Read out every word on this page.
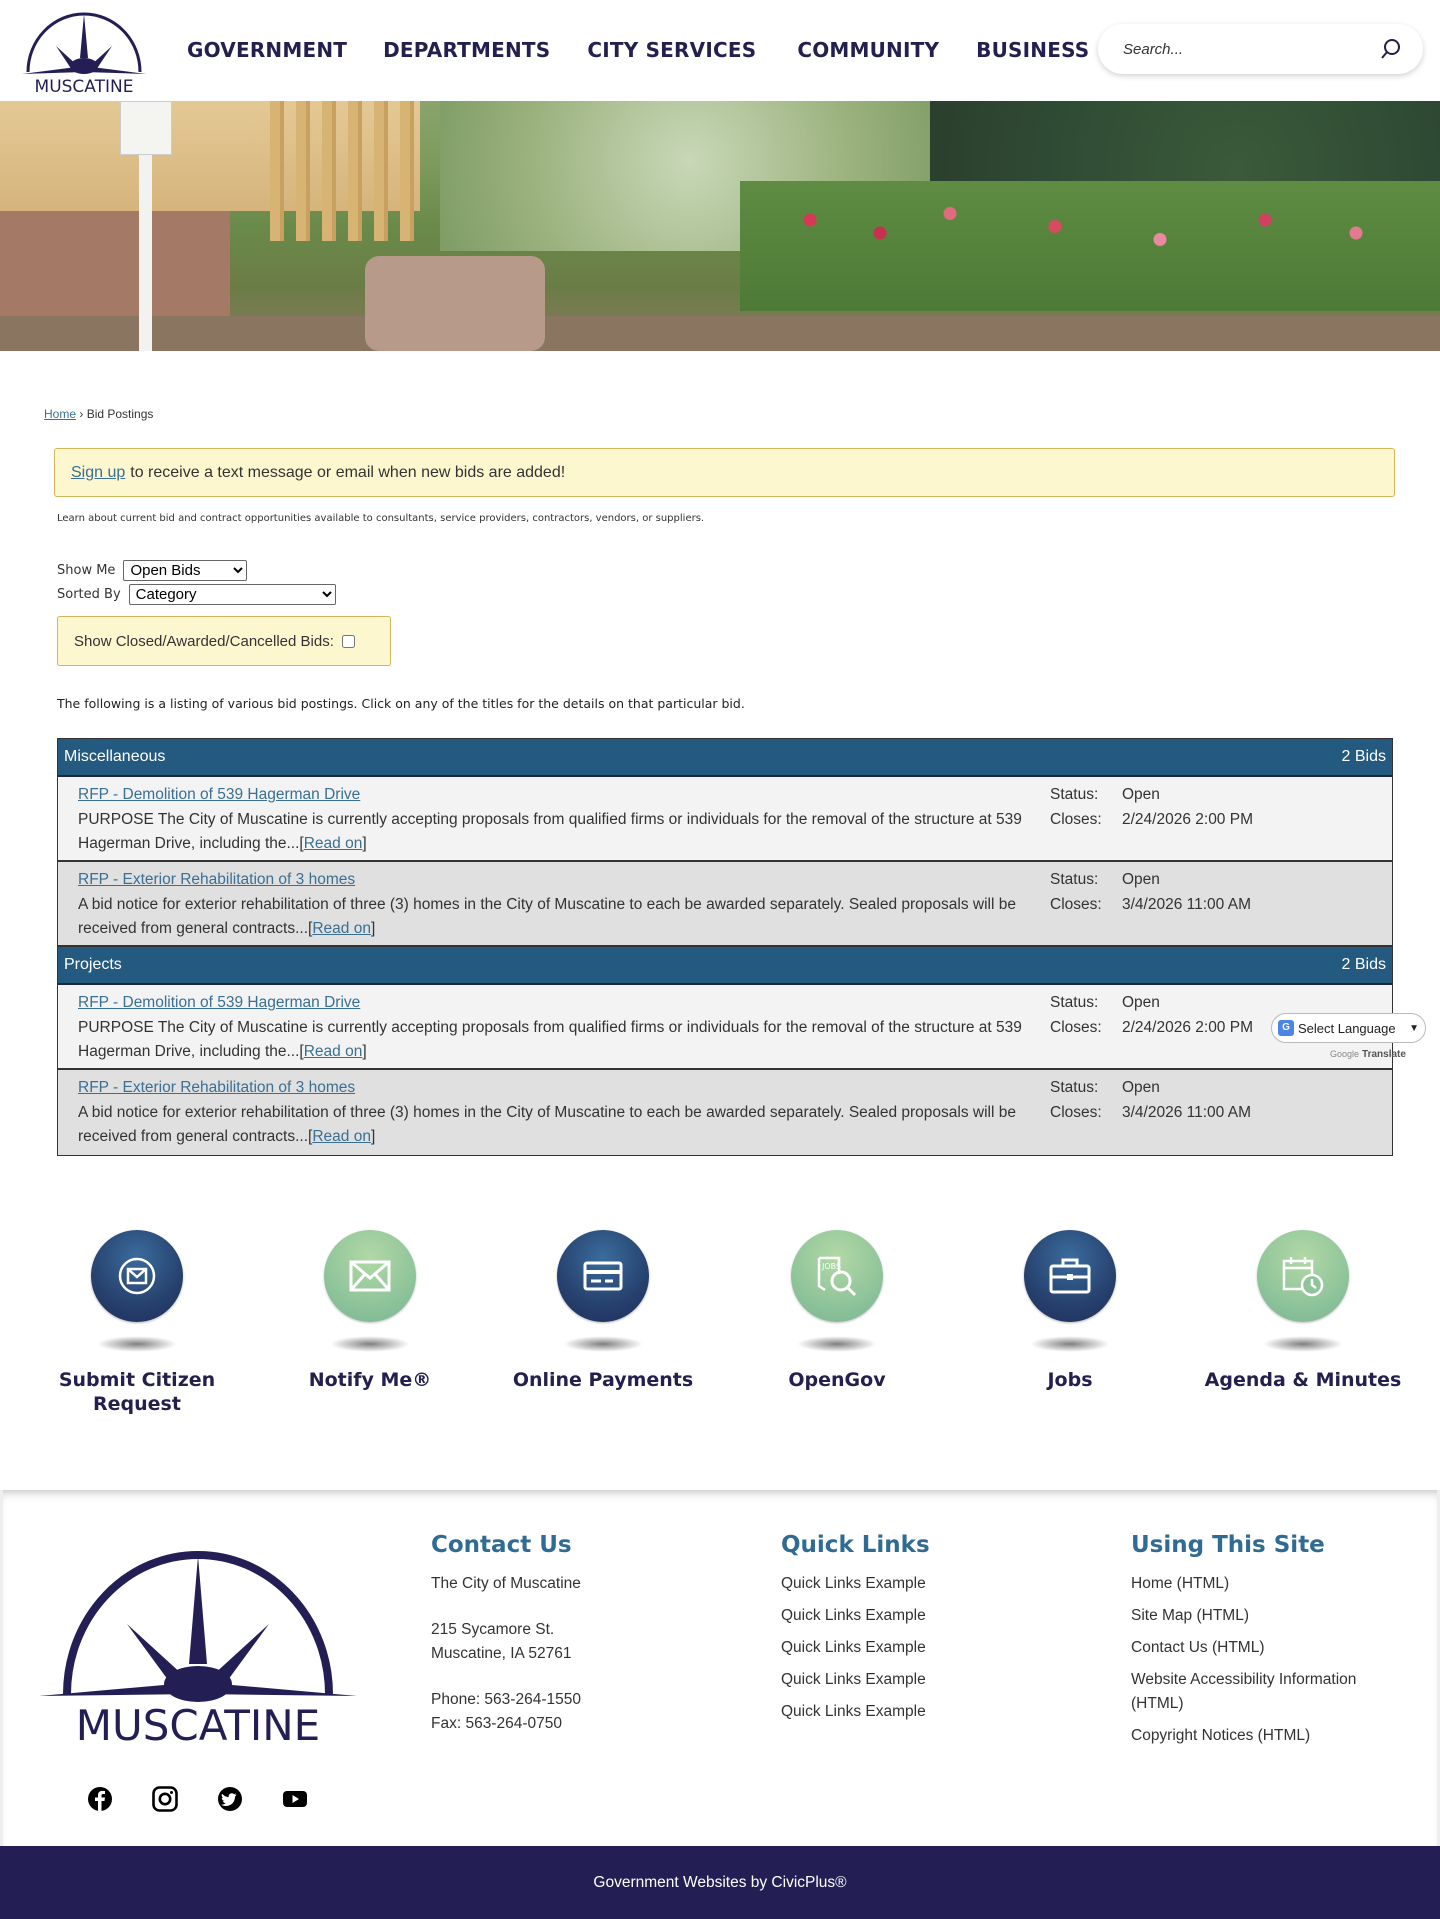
MUSCATINE
GOVERNMENT DEPARTMENTS CITY SERVICES COMMUNITY BUSINESS
Search...
Home › Bid Postings
Sign up to receive a text message or email when new bids are added!
Learn about current bid and contract opportunities available to consultants, service providers, contractors, vendors, or suppliers.
Show Me
Open Bids
Sorted By
Category
Show Closed/Awarded/Cancelled Bids:
The following is a listing of various bid postings. Click on any of the titles for the details on that particular bid.
Miscellaneous	2 Bids
RFP - Demolition of 539 Hagerman Drive
PURPOSE The City of Muscatine is currently accepting proposals from qualified firms or individuals for the removal of the structure at 539 Hagerman Drive, including the...[Read on]
Status:	Open
Closes:	2/24/2026 2:00 PM
RFP - Exterior Rehabilitation of 3 homes
A bid notice for exterior rehabilitation of three (3) homes in the City of Muscatine to each be awarded separately. Sealed proposals will be received from general contracts...[Read on]
Status:	Open
Closes:	3/4/2026 11:00 AM
Projects	2 Bids
RFP - Demolition of 539 Hagerman Drive
PURPOSE The City of Muscatine is currently accepting proposals from qualified firms or individuals for the removal of the structure at 539 Hagerman Drive, including the...[Read on]
Status:	Open
Closes:	2/24/2026 2:00 PM
RFP - Exterior Rehabilitation of 3 homes
A bid notice for exterior rehabilitation of three (3) homes in the City of Muscatine to each be awarded separately. Sealed proposals will be received from general contracts...[Read on]
Status:	Open
Closes:	3/4/2026 11:00 AM
G Select Language ▼
Google Translate
Submit Citizen Request
Notify Me®	Online Payments
JOBS
OpenGov	Jobs	Agenda & Minutes
MUSCATINE
Contact Us
The City of Muscatine
215 Sycamore St.
Muscatine, IA 52761
Phone: 563-264-1550
Fax: 563-264-0750
Quick Links
Quick Links Example
Quick Links Example
Quick Links Example
Quick Links Example
Quick Links Example
Using This Site
Home (HTML)
Site Map (HTML)
Contact Us (HTML)
Website Accessibility Information (HTML)
Copyright Notices (HTML)
Government Websites by CivicPlus®
